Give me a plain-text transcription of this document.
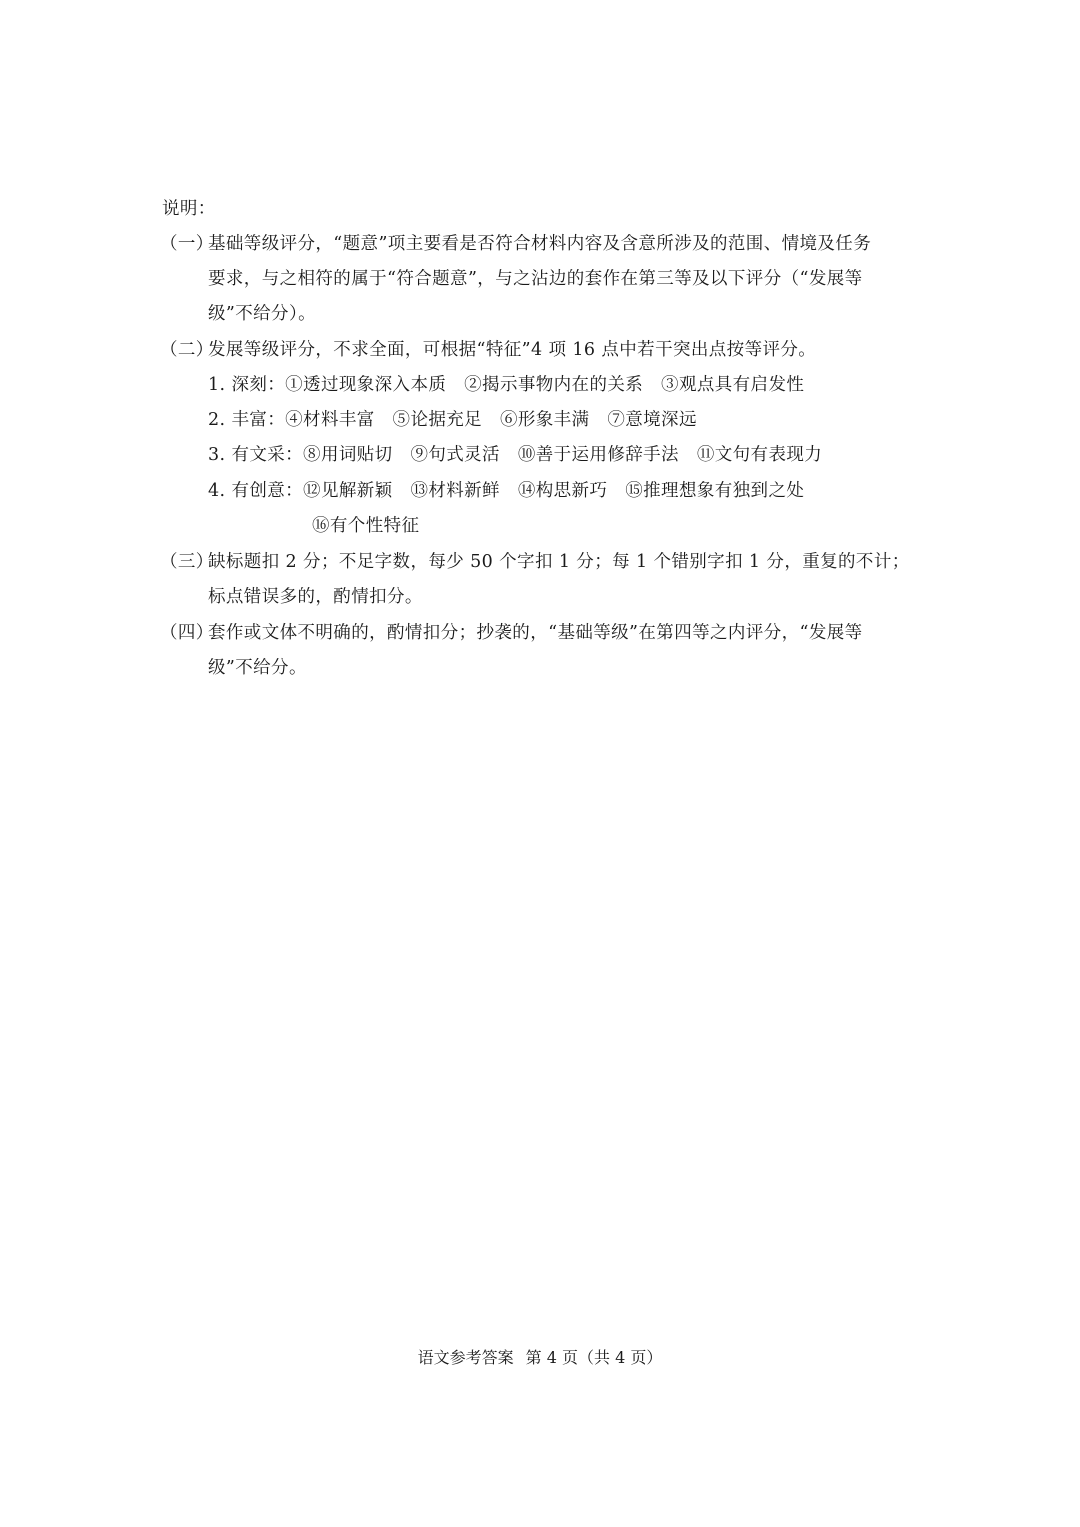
说明：
（一）
基础等级评分，“题意”项主要看是否符合材料内容及含意所涉及的范围、情境及任务
要求，与之相符的属于“符合题意”，与之沾边的套作在第三等及以下评分（“发展等
级”不给分）。
（二）
发展等级评分，不求全面，可根据“特征”4 项 16 点中若干突出点按等评分。
1. 深刻：①透过现象深入本质　②揭示事物内在的关系　③观点具有启发性
2. 丰富：④材料丰富　⑤论据充足　⑥形象丰满　⑦意境深远
3. 有文采：⑧用词贴切　⑨句式灵活　⑩善于运用修辞手法　⑪文句有表现力
4. 有创意：⑫见解新颖　⑬材料新鲜　⑭构思新巧　⑮推理想象有独到之处
⑯有个性特征
（三）
缺标题扣 2 分；不足字数，每少 50 个字扣 1 分；每 1 个错别字扣 1 分，重复的不计；
标点错误多的，酌情扣分。
（四）
套作或文体不明确的，酌情扣分；抄袭的，“基础等级”在第四等之内评分，“发展等
级”不给分。
语文参考答案 第 4 页（共 4 页）
